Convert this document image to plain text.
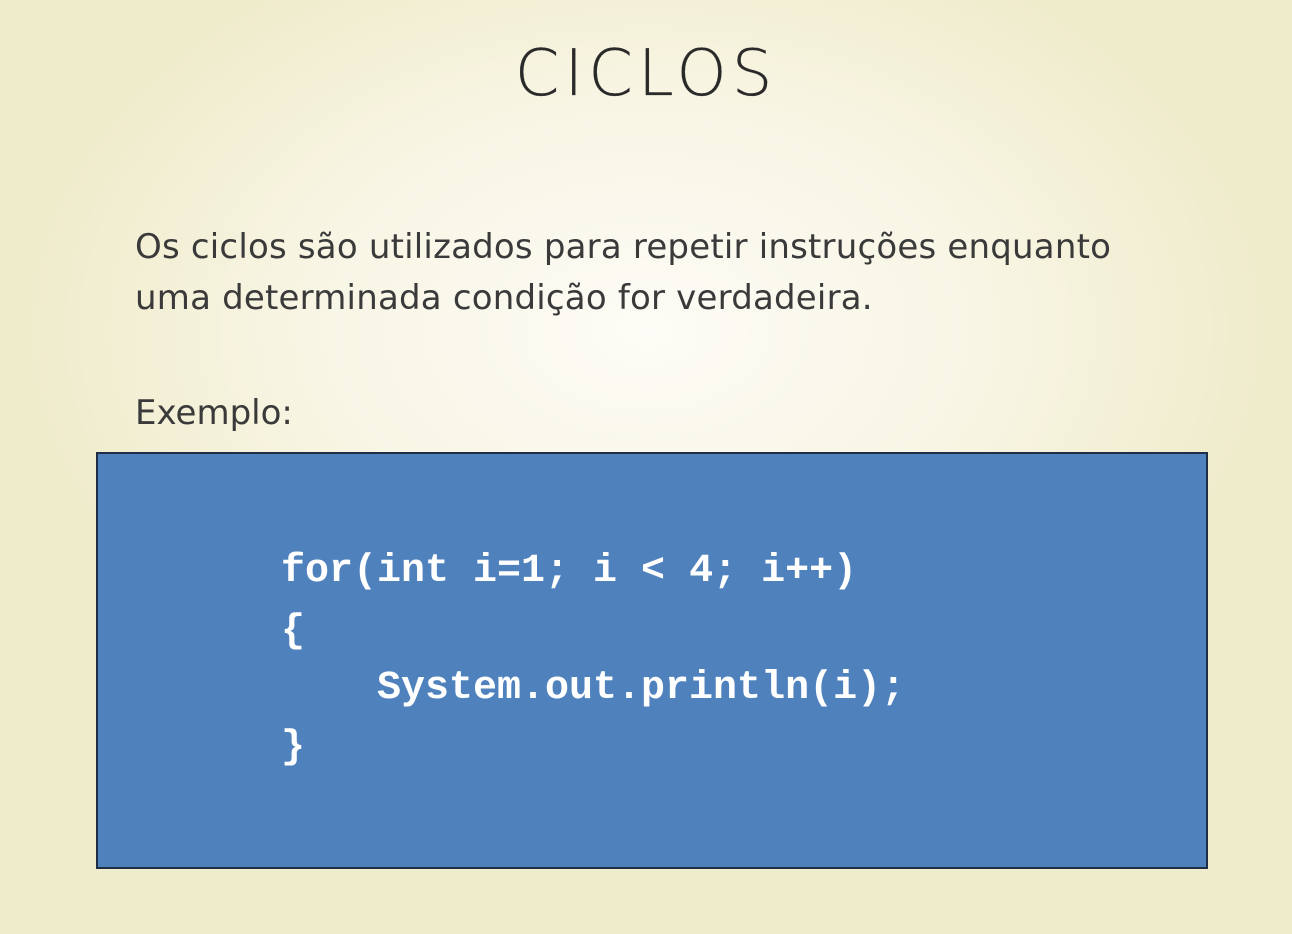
CICLOS
Os ciclos são utilizados para repetir instruções enquanto
uma determinada condição for verdadeira.
Exemplo:
for(int i=1; i < 4; i++)
{
System.out.println(i);
}
